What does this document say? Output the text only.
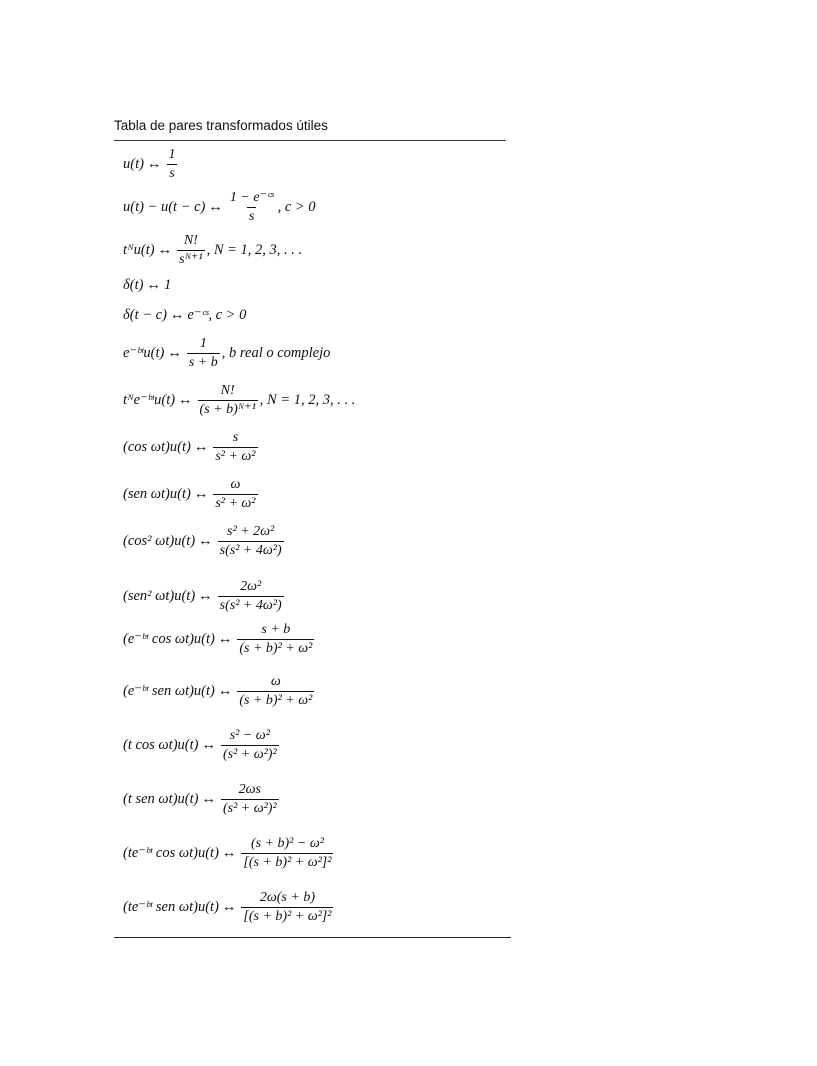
Tabla de pares transformados útiles
u(t) ↔ $\frac{1}{s}$
u(t) − u(t − c) ↔ $\frac{\text{1 − e⁻ᶜˢ}}{s}$ , c > 0
tᴺu(t) ↔ $\frac{N!}{\text{sᴺ⁺¹}}$ , N = 1, 2, 3, . . .
δ(t) ↔ 1
δ(t − c) ↔ e⁻ᶜˢ, c > 0
e⁻ᵇᵗu(t) ↔ $\frac{1}{s + b}$ , b real o complejo
tᴺe⁻ᵇᵗu(t) ↔ $\frac{N!}{\text{(s + b)ᴺ⁺¹}}$ , N = 1, 2, 3, . . .
(cos ωt)u(t) ↔ $\frac{s}{\text{s² + ω²}}$
(sen ωt)u(t) ↔ $\frac{\omega}{\text{s² + ω²}}$
(cos² ωt)u(t) ↔ $\frac{\text{s² + 2ω²}}{\text{s(s² + 4ω²)}}$
(sen² ωt)u(t) ↔ $\frac{\text{2ω²}}{\text{s(s² + 4ω²)}}$
(e⁻ᵇᵗ cos ωt)u(t) ↔ $\frac{s + b}{\text{(s + b)² + ω²}}$
(e⁻ᵇᵗ sen ωt)u(t) ↔ $\frac{\omega}{\text{(s + b)² + ω²}}$
(t cos ωt)u(t) ↔ $\frac{\text{s² − ω²}}{\text{(s² + ω²)²}}$
(t sen ωt)u(t) ↔ $\frac{2\omega s}{\text{(s² + ω²)²}}$
(te⁻ᵇᵗ cos ωt)u(t) ↔ $\frac{\text{(s + b)² − ω²}}{\text{[(s + b)² + ω²]²}}$
(te⁻ᵇᵗ sen ωt)u(t) ↔ $\frac{2\omega(s + b)}{\text{[(s + b)² + ω²]²}}$
